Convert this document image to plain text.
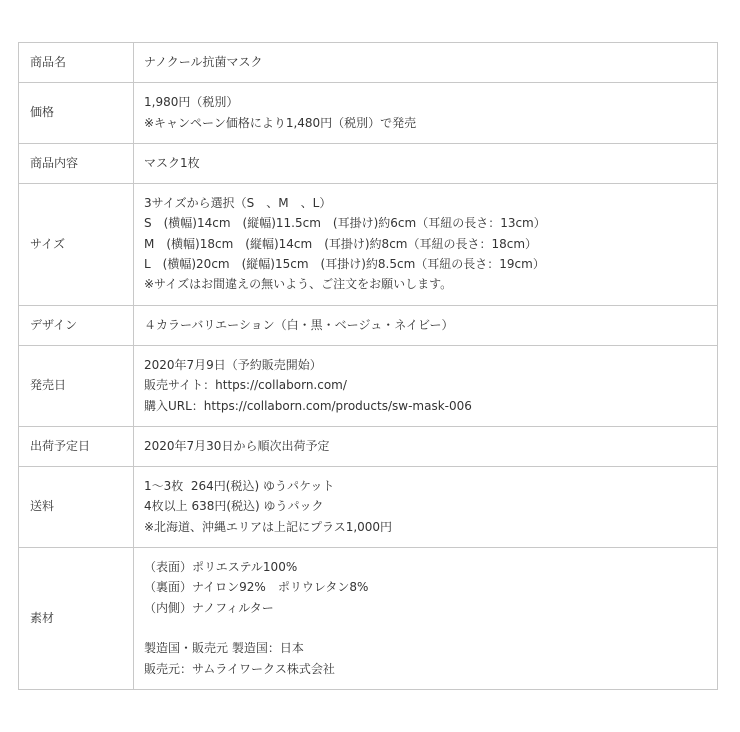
商品名	ナノクール抗菌マスク

価格	1,980円（税別）
※キャンペーン価格により1,480円（税別）で発売

商品内容	マスク1枚

サイズ	3サイズから選択（S　、M　、L）
S　(横幅)14cm　(縦幅)11.5cm　(耳掛け)約6cm（耳紐の長さ：13cm）
M　(横幅)18cm　(縦幅)14cm　(耳掛け)約8cm（耳紐の長さ：18cm）
L　(横幅)20cm　(縦幅)15cm　(耳掛け)約8.5cm（耳紐の長さ：19cm）
※サイズはお間違えの無いよう、ご注文をお願いします。

デザイン	４カラーバリエーション（白・黒・ベージュ・ネイビー）

発売日	2020年7月9日（予約販売開始）
販売サイト：https://collaborn.com/
購入URL：https://collaborn.com/products/sw-mask-006

出荷予定日	2020年7月30日から順次出荷予定

送料	1〜3枚  264円(税込) ゆうパケット
4枚以上 638円(税込) ゆうパック
※北海道、沖縄エリアは上記にプラス1,000円

素材	（表面）ポリエステル100%
（裏面）ナイロン92%　ポリウレタン8%
（内側）ナノフィルター
製造国・販売元 製造国：日本
販売元：サムライワークス株式会社
